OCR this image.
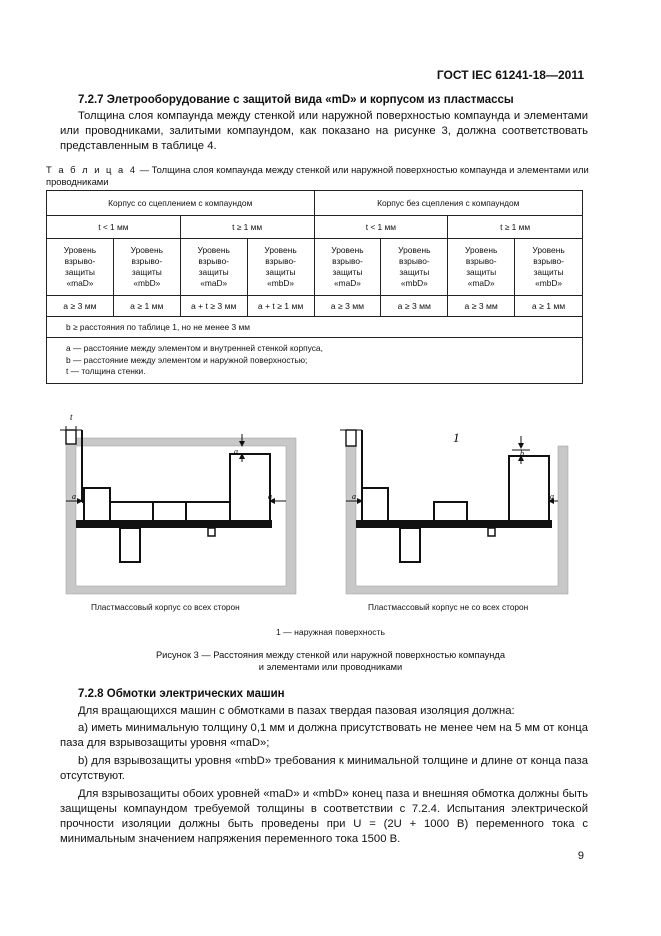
ГОСТ IEC 61241-18—2011
7.2.7 Элетрооборудование с защитой вида «mD» и корпусом из пластмассы
Толщина слоя компаунда между стенкой или наружной поверхностью компаунда и элементами или проводниками, залитыми компаундом, как показано на рисунке 3, должна соответствовать представленным в таблице 4.
Т а б л и ц а 4 — Толщина слоя компаунда между стенкой или наружной поверхностью компаунда и элементами или проводниками
Корпус со сцеплением с компаундом				Корпус без сцепления с компаундом			
t < 1 мм		t ≥ 1 мм		t < 1 мм		t ≥ 1 мм	
Уровень
взрыво-
защиты
«maD»	Уровень
взрыво-
защиты
«mbD»	Уровень
взрыво-
защиты
«maD»	Уровень
взрыво-
защиты
«mbD»	Уровень
взрыво-
защиты
«maD»	Уровень
взрыво-
защиты
«mbD»	Уровень
взрыво-
защиты
«maD»	Уровень
взрыво-
защиты
«mbD»
a ≥ 3 мм	a ≥ 1 мм	a + t ≥ 3 мм	a + t ≥ 1 мм	a ≥ 3 мм	a ≥ 3 мм	a ≥ 3 мм	a ≥ 1 мм
b ≥ расстояния по таблице 1, но не менее 3 мм							

a — расстояние между элементом и внутренней стенкой корпуса,
b — расстояние между элементом и наружной поверхностью;
t — толщина стенки.							
t
a	a
a
1
a	a
b
Пластмассовый корпус со всех сторон	Пластмассовый корпус не со всех сторон
1 — наружная поверхность
Рисунок 3 — Расстояния между стенкой или наружной поверхностью компаунда
и элементами или проводниками
7.2.8 Обмотки электрических машин
Для вращающихся машин с обмотками в пазах твердая пазовая изоляция должна:
а) иметь минимальную толщину 0,1 мм и должна присутствовать не менее чем на 5 мм от конца паза для взрывозащиты уровня «maD»;
b) для взрывозащиты уровня «mbD» требования к минимальной толщине и длине от конца паза отсутствуют.
Для взрывозащиты обоих уровней «maD» и «mbD» конец паза и внешняя обмотка должны быть защищены компаундом требуемой толщины в соответствии с 7.2.4. Испытания электрической прочности изоляции должны быть проведены при U = (2U + 1000 В) переменного тока с минимальным значением напряжения переменного тока 1500 В.
9
